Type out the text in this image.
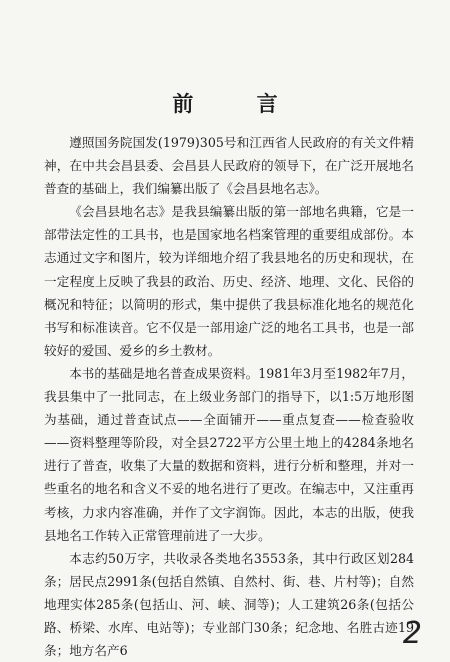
前 言

遵照国务院国发(1979)305号和江西省人民政府的有关文件精神，在中共会昌县委、会昌县人民政府的领导下，在广泛开展地名普查的基础上，我们编纂出版了《会昌县地名志》。

《会昌县地名志》是我县编纂出版的第一部地名典籍，它是一部带法定性的工具书，也是国家地名档案管理的重要组成部份。本志通过文字和图片，较为详细地介绍了我县地名的历史和现状，在一定程度上反映了我县的政治、历史、经济、地理、文化、民俗的概况和特征；以简明的形式，集中提供了我县标准化地名的规范化书写和标准读音。它不仅是一部用途广泛的地名工具书，也是一部较好的爱国、爱乡的乡土教材。

本书的基础是地名普查成果资料。1981年3月至1982年7月，我县集中了一批同志，在上级业务部门的指导下，以1:5万地形图为基础，通过普查试点——全面铺开——重点复查——检查验收——资料整理等阶段，对全县2722平方公里土地上的4284条地名进行了普查，收集了大量的数据和资料，进行分析和整理，并对一些重名的地名和含义不妥的地名进行了更改。在编志中，又注重再考核，力求内容准确，并作了文字润饰。因此，本志的出版，使我县地名工作转入正常管理前进了一大步。

本志约50万字，共收录各类地名3553条，其中行政区划284条；居民点2991条(包括自然镇、自然村、街、巷、片村等)；自然地理实体285条(包括山、河、峡、洞等)；人工建筑26条(包括公路、桥梁、水库、电站等)；专业部门30条；纪念地、名胜古迹19条；地方名产6	2
